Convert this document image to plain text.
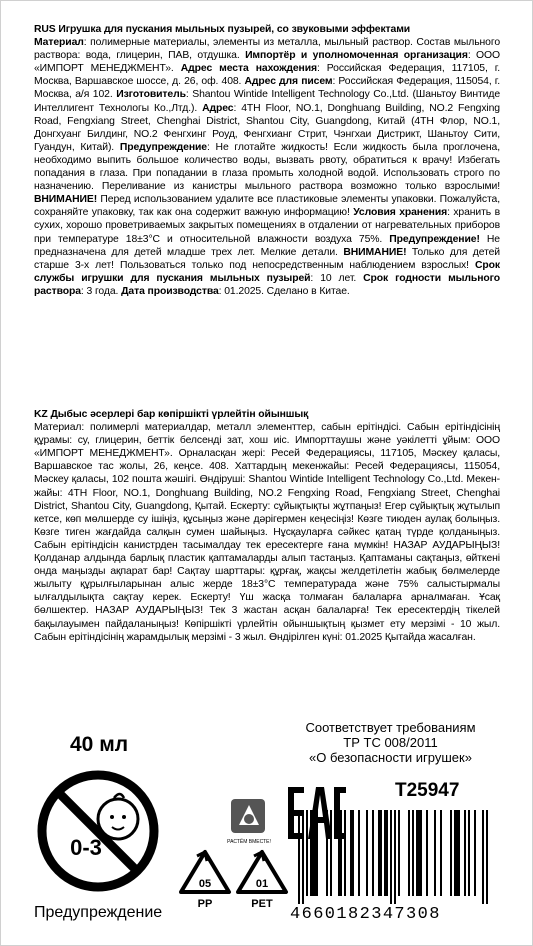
RUS Игрушка для пускания мыльных пузырей, со звуковыми эффектами
Материал: полимерные материалы, элементы из металла, мыльный раствор. Состав мыльного раствора: вода, глицерин, ПАВ, отдушка. Импортёр и уполномоченная организация: ООО «ИМПОРТ МЕНЕДЖМЕНТ». Адрес места нахождения: Российская Федерация, 117105, г. Москва, Варшавское шоссе, д. 26, оф. 408. Адрес для писем: Российская Федерация, 115054, г. Москва, а/я 102. Изготовитель: Shantou Wintide Intelligent Technology Co.,Ltd. (Шаньтоу Винтиде Интеллигент Технологы Ко.,Лтд.). Адрес: 4TH Floor, NO.1, Donghuang Building, NO.2 Fengxing Road, Fengxiang Street, Chenghai District, Shantou City, Guangdong, Китай (4TH Флор, NO.1, Донгхуанг Билдинг, NO.2 Фенгхинг Роуд, Фенгхианг Стрит, Чэнгхаи Дистрикт, Шаньтоу Сити, Гуандун, Китай). Предупреждение: Не глотайте жидкость! Если жидкость была проглочена, необходимо выпить большое количество воды, вызвать рвоту, обратиться к врачу! Избегать попадания в глаза. При попадании в глаза промыть холодной водой. Использовать строго по назначению. Переливание из канистры мыльного раствора возможно только взрослыми! ВНИМАНИЕ! Перед использованием удалите все пластиковые элементы упаковки. Пожалуйста, сохраняйте упаковку, так как она содержит важную информацию! Условия хранения: хранить в сухих, хорошо проветриваемых закрытых помещениях в отдалении от нагревательных приборов при температуре 18±3°С и относительной влажности воздуха 75%. Предупреждение! Не предназначена для детей младше трех лет. Мелкие детали. ВНИМАНИЕ! Только для детей старше 3-х лет! Пользоваться только под непосредственным наблюдением взрослых! Срок службы игрушки для пускания мыльных пузырей: 10 лет. Срок годности мыльного раствора: 3 года. Дата производства: 01.2025. Сделано в Китае.
KZ Дыбыс әсерлері бар көпіршікті үрлейтін ойыншық
Материал: полимерлі материалдар, металл элементтер, сабын ерітіндісі. Сабын ерітіндісінің құрамы: су, глицерин, беттік белсенді зат, хош иіс. Импорттаушы және уәкілетті ұйым: ООО «ИМПОРТ МЕНЕДЖМЕНТ». Орналасқан жері: Ресей Федерациясы, 117105, Мәскеу қаласы, Варшавское тас жолы, 26, кеңсе. 408. Хаттардың мекенжайы: Ресей Федерациясы, 115054, Мәскеу қаласы, 102 пошта жәшігі. Өндіруші: Shantou Wintide Intelligent Technology Co.,Ltd. Мекен-жайы: 4TH Floor, NO.1, Donghuang Building, NO.2 Fengxing Road, Fengxiang Street, Chenghai District, Shantou City, Guangdong, Қытай. Ескерту: сұйықтықты жұтпаңыз! Егер сұйықтық жұтылып кетсе, көп мөлшерде су ішіңіз, құсыңыз және дәрігермен кеңесіңіз! Көзге тиюден аулақ болыңыз. Көзге тиген жағдайда салқын сумен шайыңыз. Нұсқауларға сәйкес қатаң түрде қолданыңыз. Сабын ерітіндісін канистрден тасымалдау тек ересектерге ғана мүмкін! НАЗАР АУДАРЫҢЫЗ! Қолданар алдында барлық пластик қаптамаларды алып тастаңыз. Қаптаманы сақтаңыз, өйткені онда маңызды ақпарат бар! Сақтау шарттары: құрғақ, жақсы желдетілетін жабық бөлмелерде жылыту құрылғыларынан алыс жерде 18±3°С температурада және 75% салыстырмалы ылғалдылықта сақтау керек. Ескерту! Үш жасқа толмаған балаларға арналмаған. Ұсақ бөлшектер. НАЗАР АУДАРЫҢЫЗ! Тек 3 жастан асқан балаларға! Тек ересектердің тікелей бақылауымен пайдаланыңыз! Көпіршікті үрлейтін ойыншықтың қызмет ету мерзімі - 10 жыл. Сабын ерітіндісінің жарамдылық мерзімі - 3 жыл. Өндірілген күні: 01.2025 Қытайда жасалған.
40 мл
Соответствует требованиям
ТР ТС 008/2011
«О безопасности игрушек»
0-3
Предупреждение
РАСТЁМ ВМЕСТЕ!
T25947
05
PP
01
PET
4660182347308
